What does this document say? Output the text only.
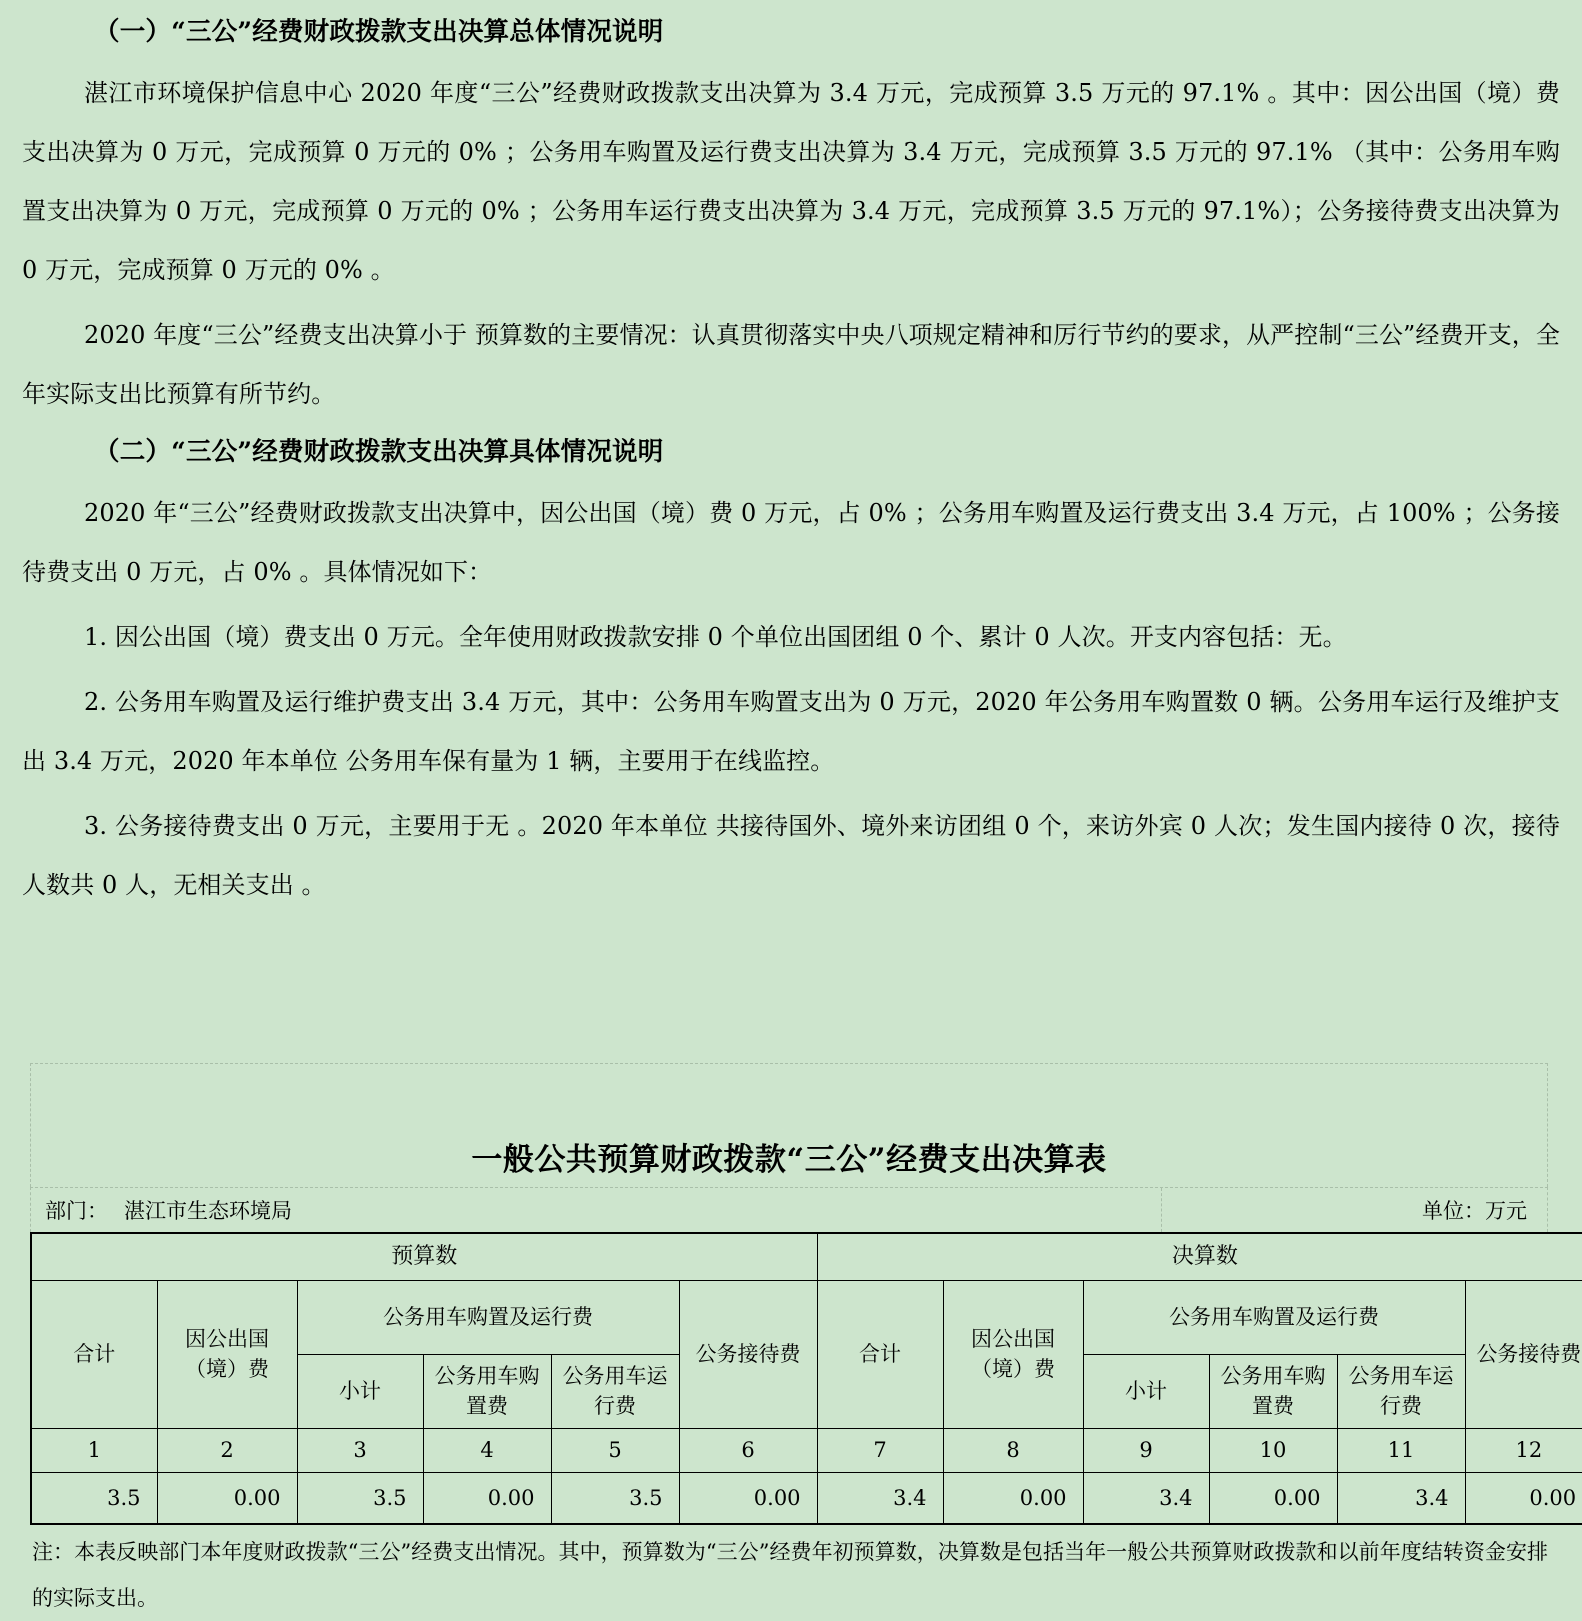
（一）“三公”经费财政拨款支出决算总体情况说明

湛江市环境保护信息中心 2020 年度“三公”经费财政拨款支出决算为 3.4 万元，完成预算 3.5 万元的 97.1% 。其中：因公出国（境）费支出决算为 0 万元，完成预算 0 万元的 0% ；公务用车购置及运行费支出决算为 3.4 万元，完成预算 3.5 万元的 97.1% （其中：公务用车购置支出决算为 0 万元，完成预算 0 万元的 0% ；公务用车运行费支出决算为 3.4 万元，完成预算 3.5 万元的 97.1%）；公务接待费支出决算为 0 万元，完成预算 0 万元的 0% 。

2020 年度“三公”经费支出决算小于 预算数的主要情况：认真贯彻落实中央八项规定精神和厉行节约的要求，从严控制“三公”经费开支，全年实际支出比预算有所节约。

（二）“三公”经费财政拨款支出决算具体情况说明

2020 年“三公”经费财政拨款支出决算中，因公出国（境）费 0 万元，占 0% ；公务用车购置及运行费支出 3.4 万元，占 100% ；公务接待费支出 0 万元，占 0% 。具体情况如下：

1. 因公出国（境）费支出 0 万元。全年使用财政拨款安排 0 个单位出国团组 0 个、累计 0 人次。开支内容包括：无。

2. 公务用车购置及运行维护费支出 3.4 万元，其中：公务用车购置支出为 0 万元，2020 年公务用车购置数 0 辆。公务用车运行及维护支出 3.4 万元，2020 年本单位 公务用车保有量为 1 辆，主要用于在线监控。

3. 公务接待费支出 0 万元，主要用于无 。2020 年本单位 共接待国外、境外来访团组 0 个，来访外宾 0 人次；发生国内接待 0 次，接待人数共 0 人，无相关支出 。

一般公共预算财政拨款“三公”经费支出决算表
部门： 湛江市生态环境局	单位：万元
预算数						决算数					
合计	因公出国（境）费	公务用车购置及运行费			公务接待费	合计	因公出国（境）费	公务用车购置及运行费			公务接待费
		小计	公务用车购置费	公务用车运行费				小计	公务用车购置费	公务用车运行费	
1	2	3	4	5	6	7	8	9	10	11	12
3.5	0.00	3.5	0.00	3.5	0.00	3.4	0.00	3.4	0.00	3.4	0.00
注：本表反映部门本年度财政拨款“三公”经费支出情况。其中，预算数为“三公”经费年初预算数，决算数是包括当年一般公共预算财政拨款和以前年度结转资金安排的实际支出。
